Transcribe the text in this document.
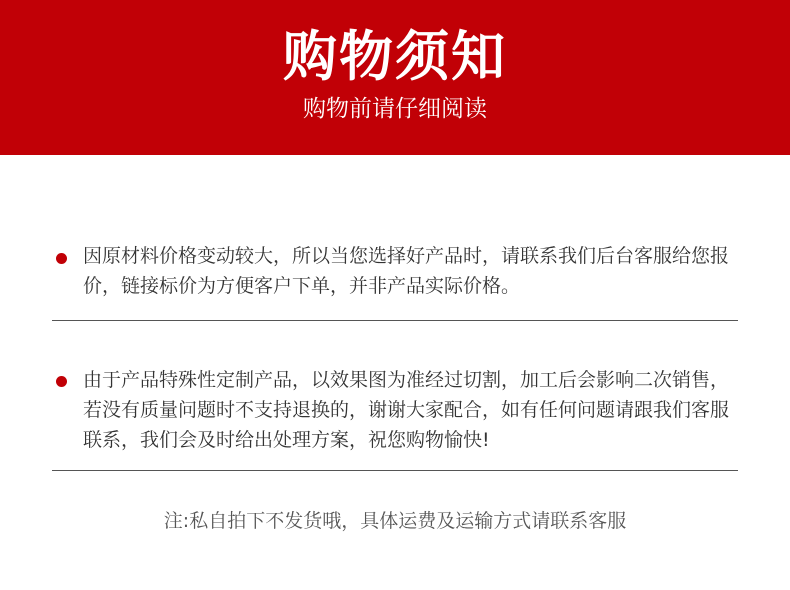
购物须知
购物前请仔细阅读

因原材料价格变动较大，所以当您选择好产品时，请联系我们后台客服给您报价，链接标价为方便客户下单，并非产品实际价格。

由于产品特殊性定制产品，以效果图为准经过切割，加工后会影响二次销售，若没有质量问题时不支持退换的，谢谢大家配合，如有任何问题请跟我们客服联系，我们会及时给出处理方案，祝您购物愉快!

注:私自拍下不发货哦，具体运费及运输方式请联系客服
